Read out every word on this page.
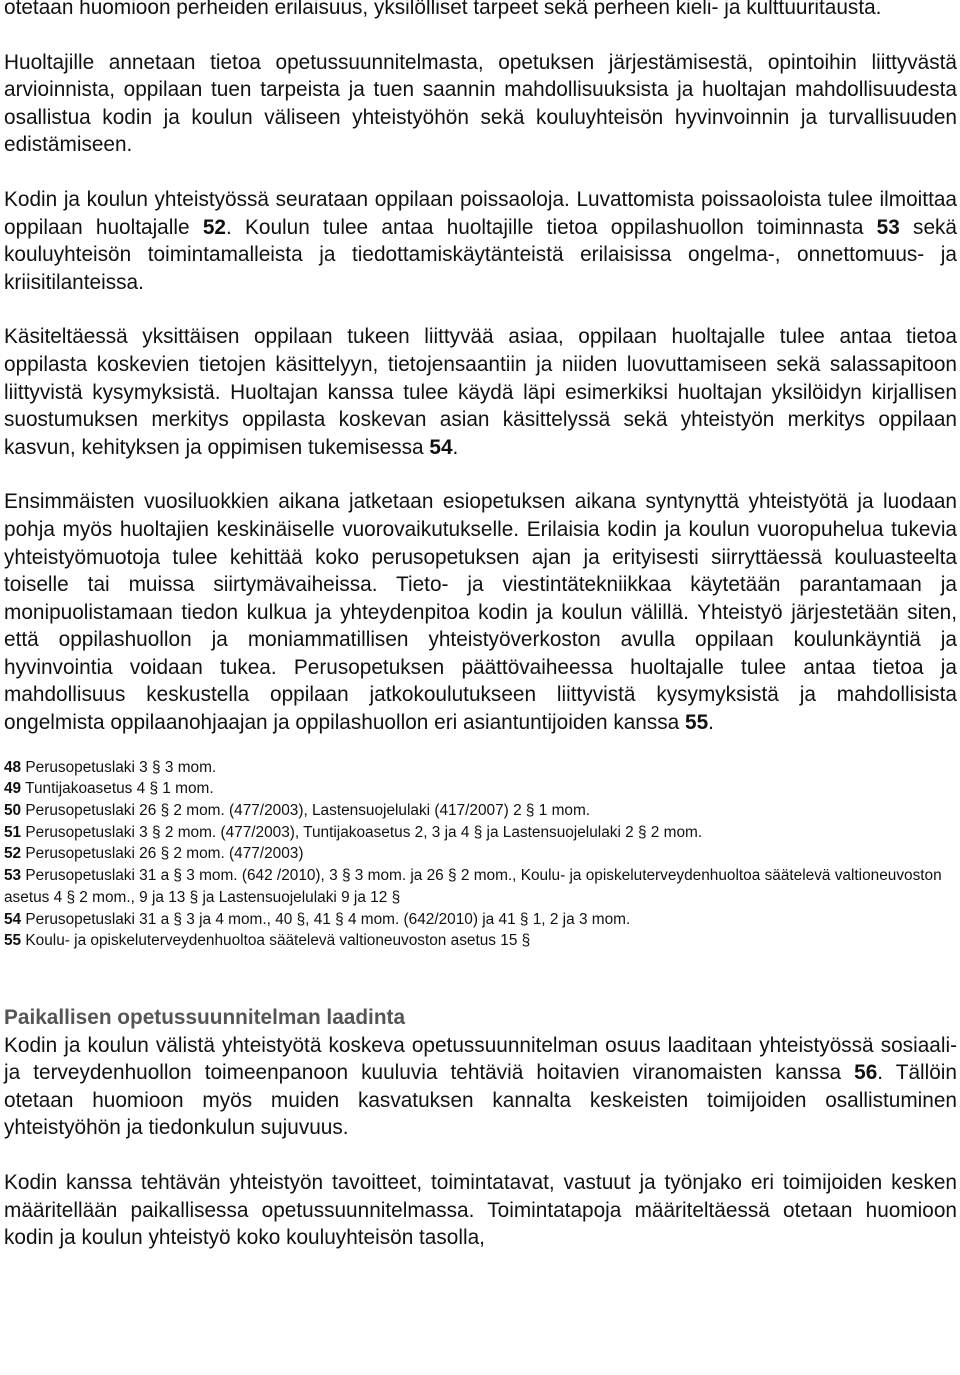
otetaan huomioon perheiden erilaisuus, yksilölliset tarpeet sekä perheen kieli- ja kulttuuritausta.

Huoltajille annetaan tietoa opetussuunnitelmasta, opetuksen järjestämisestä, opintoihin liittyvästä arvioinnista, oppilaan tuen tarpeista ja tuen saannin mahdollisuuksista ja huoltajan mahdollisuudesta osallistua kodin ja koulun väliseen yhteistyöhön sekä kouluyhteisön hyvinvoinnin ja turvallisuuden edistämiseen.

Kodin ja koulun yhteistyössä seurataan oppilaan poissaoloja. Luvattomista poissaoloista tulee ilmoittaa oppilaan huoltajalle 52. Koulun tulee antaa huoltajille tietoa oppilashuollon toiminnasta 53 sekä kouluyhteisön toimintamalleista ja tiedottamiskäytänteistä erilaisissa ongelma-, onnettomuus- ja kriisitilanteissa.

Käsiteltäessä yksittäisen oppilaan tukeen liittyvää asiaa, oppilaan huoltajalle tulee antaa tietoa oppilasta koskevien tietojen käsittelyyn, tietojensaantiin ja niiden luovuttamiseen sekä salassapitoon liittyvistä kysymyksistä. Huoltajan kanssa tulee käydä läpi esimerkiksi huoltajan yksilöidyn kirjallisen suostumuksen merkitys oppilasta koskevan asian käsittelyssä sekä yhteistyön merkitys oppilaan kasvun, kehityksen ja oppimisen tukemisessa 54.

Ensimmäisten vuosiluokkien aikana jatketaan esiopetuksen aikana syntynyttä yhteistyötä ja luodaan pohja myös huoltajien keskinäiselle vuorovaikutukselle. Erilaisia kodin ja koulun vuoropuhelua tukevia yhteistyömuotoja tulee kehittää koko perusopetuksen ajan ja erityisesti siirryttäessä kouluasteelta toiselle tai muissa siirtymävaiheissa. Tieto- ja viestintätekniikkaa käytetään parantamaan ja monipuolistamaan tiedon kulkua ja yhteydenpitoa kodin ja koulun välillä. Yhteistyö järjestetään siten, että oppilashuollon ja moniammatillisen yhteistyöverkoston avulla oppilaan koulunkäyntiä ja hyvinvointia voidaan tukea. Perusopetuksen päättövaiheessa huoltajalle tulee antaa tietoa ja mahdollisuus keskustella oppilaan jatkokoulutukseen liittyvistä kysymyksistä ja mahdollisista ongelmista oppilaanohjaajan ja oppilashuollon eri asiantuntijoiden kanssa 55.

48 Perusopetuslaki 3 § 3 mom.

49 Tuntijakoasetus 4 § 1 mom.

50 Perusopetuslaki 26 § 2 mom. (477/2003), Lastensuojelulaki (417/2007) 2 § 1 mom.

51 Perusopetuslaki 3 § 2 mom. (477/2003), Tuntijakoasetus 2, 3 ja 4 § ja Lastensuojelulaki 2 § 2 mom.

52 Perusopetuslaki 26 § 2 mom. (477/2003)

53 Perusopetuslaki 31 a § 3 mom. (642 /2010), 3 § 3 mom. ja 26 § 2 mom., Koulu- ja opiskeluterveydenhuoltoa säätelevä valtioneuvoston asetus 4 § 2 mom., 9 ja 13 § ja Lastensuojelulaki 9 ja 12 §

54 Perusopetuslaki 31 a § 3 ja 4 mom., 40 §, 41 § 4 mom. (642/2010) ja 41 § 1, 2 ja 3 mom.

55 Koulu- ja opiskeluterveydenhuoltoa säätelevä valtioneuvoston asetus 15 §

Paikallisen opetussuunnitelman laadinta

Kodin ja koulun välistä yhteistyötä koskeva opetussuunnitelman osuus laaditaan yhteistyössä sosiaali- ja terveydenhuollon toimeenpanoon kuuluvia tehtäviä hoitavien viranomaisten kanssa 56. Tällöin otetaan huomioon myös muiden kasvatuksen kannalta keskeisten toimijoiden osallistuminen yhteistyöhön ja tiedonkulun sujuvuus.

Kodin kanssa tehtävän yhteistyön tavoitteet, toimintatavat, vastuut ja työnjako eri toimijoiden kesken määritellään paikallisessa opetussuunnitelmassa. Toimintatapoja määriteltäessä otetaan huomioon kodin ja koulun yhteistyö koko kouluyhteisön tasolla,
